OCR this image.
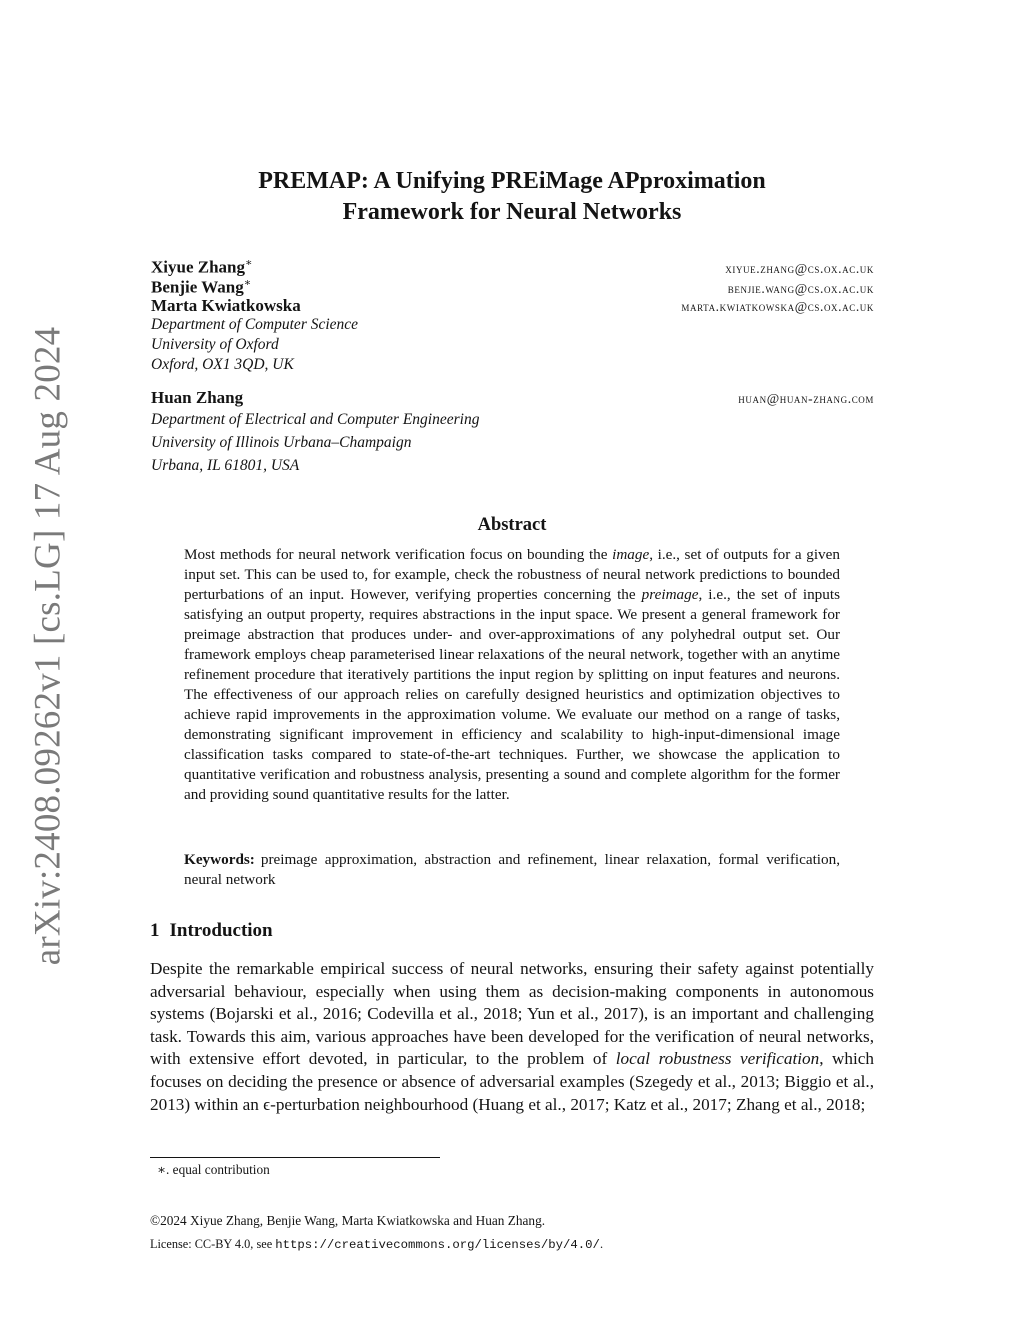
arXiv:2408.09262v1 [cs.LG] 17 Aug 2024
PREMAP: A Unifying PREiMage APproximation
Framework for Neural Networks
Xiyue Zhang∗	xiyue.zhang@cs.ox.ac.uk
Benjie Wang∗	benjie.wang@cs.ox.ac.uk
Marta Kwiatkowska	marta.kwiatkowska@cs.ox.ac.uk
Department of Computer Science
University of Oxford
Oxford, OX1 3QD, UK
Huan Zhang	huan@huan-zhang.com
Department of Electrical and Computer Engineering
University of Illinois Urbana–Champaign
Urbana, IL 61801, USA
Abstract
Most methods for neural network verification focus on bounding the image, i.e., set of outputs for a given input set. This can be used to, for example, check the robustness of neural network predictions to bounded perturbations of an input. However, verifying properties concerning the preimage, i.e., the set of inputs satisfying an output property, requires abstractions in the input space. We present a general framework for preimage abstraction that produces under- and over-approximations of any polyhedral output set. Our framework employs cheap parameterised linear relaxations of the neural network, together with an anytime refinement procedure that iteratively partitions the input region by splitting on input features and neurons. The effectiveness of our approach relies on carefully designed heuristics and optimization objectives to achieve rapid improvements in the approximation volume. We evaluate our method on a range of tasks, demonstrating significant improvement in efficiency and scalability to high-input-dimensional image classification tasks compared to state-of-the-art techniques. Further, we showcase the application to quantitative verification and robustness analysis, presenting a sound and complete algorithm for the former and providing sound quantitative results for the latter.
Keywords: preimage approximation, abstraction and refinement, linear relaxation, formal verification, neural network
1 Introduction
Despite the remarkable empirical success of neural networks, ensuring their safety against potentially adversarial behaviour, especially when using them as decision-making components in autonomous systems (Bojarski et al., 2016; Codevilla et al., 2018; Yun et al., 2017), is an important and challenging task. Towards this aim, various approaches have been developed for the verification of neural networks, with extensive effort devoted, in particular, to the problem of local robustness verification, which focuses on deciding the presence or absence of adversarial examples (Szegedy et al., 2013; Biggio et al., 2013) within an ϵ-perturbation neighbourhood (Huang et al., 2017; Katz et al., 2017; Zhang et al., 2018;
∗. equal contribution
©2024 Xiyue Zhang, Benjie Wang, Marta Kwiatkowska and Huan Zhang.
License: CC-BY 4.0, see https://creativecommons.org/licenses/by/4.0/.
